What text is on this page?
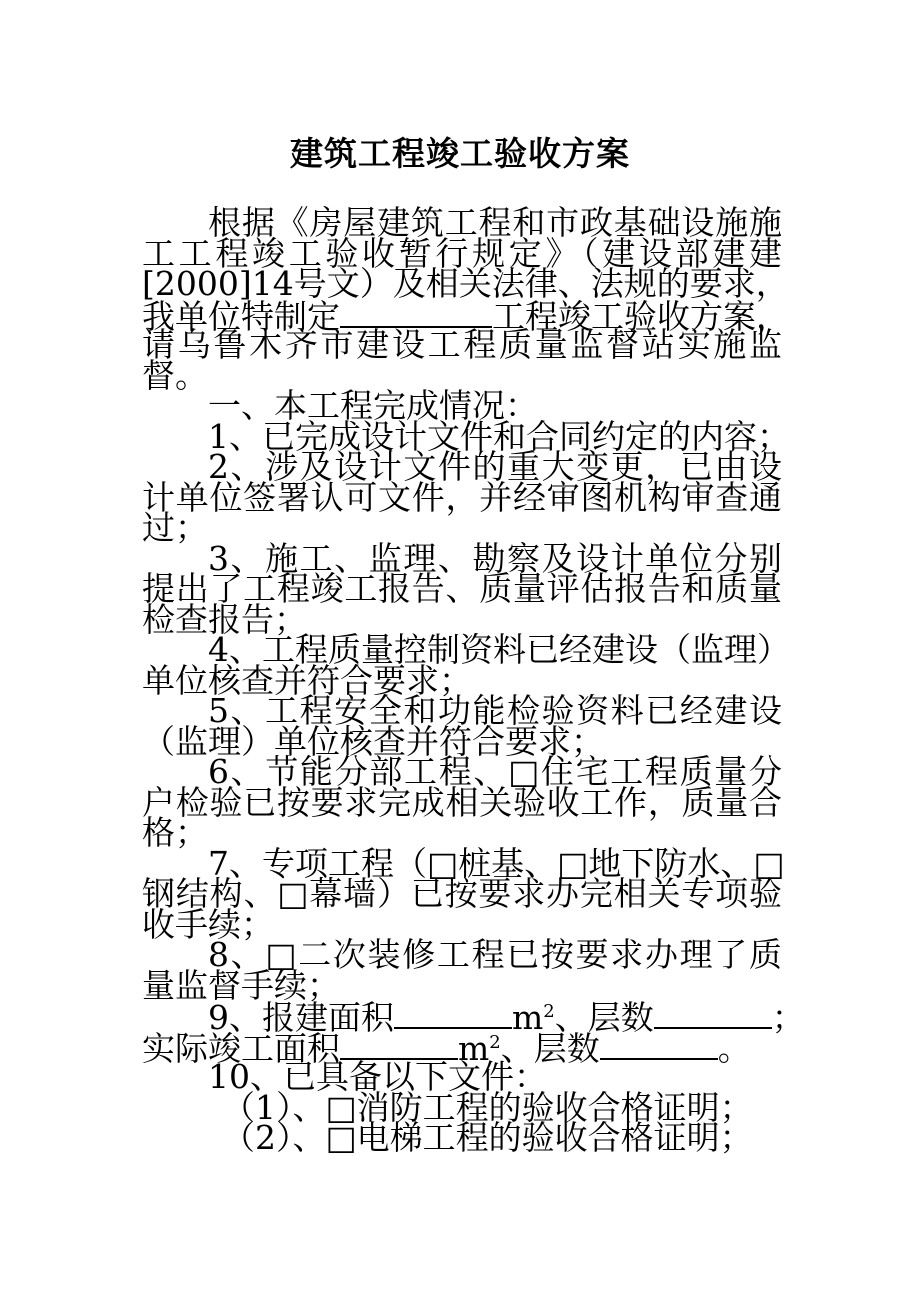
建筑工程竣工验收方案
根据《房屋建筑工程和市政基础设施施
工工程竣工验收暂行规定》（建设部建建
[2000]14号文）及相关法律、法规的要求，
我单位特制定	工程竣工验收方案，
请乌鲁木齐市建设工程质量监督站实施监
督。
一、本工程完成情况：
1、已完成设计文件和合同约定的内容；
2、涉及设计文件的重大变更，已由设
计单位签署认可文件，并经审图机构审查通
过；
3、施工、监理、勘察及设计单位分别
提出了工程竣工报告、质量评估报告和质量
检查报告；
4、工程质量控制资料已经建设（监理）
单位核查并符合要求；
5、工程安全和功能检验资料已经建设
（监理）单位核查并符合要求；
6、节能分部工程、□住宅工程质量分
户检验已按要求完成相关验收工作，质量合
格；
7、专项工程（□桩基、□地下防水、□
钢结构、□幕墙）已按要求办完相关专项验
收手续；
8、□二次装修工程已按要求办理了质
量监督手续；
9、报建面积	$m^2$、层数	；
实际竣工面积	$m^2$、层数	。
10、已具备以下文件：
（1）、□消防工程的验收合格证明；
（2）、□电梯工程的验收合格证明；
